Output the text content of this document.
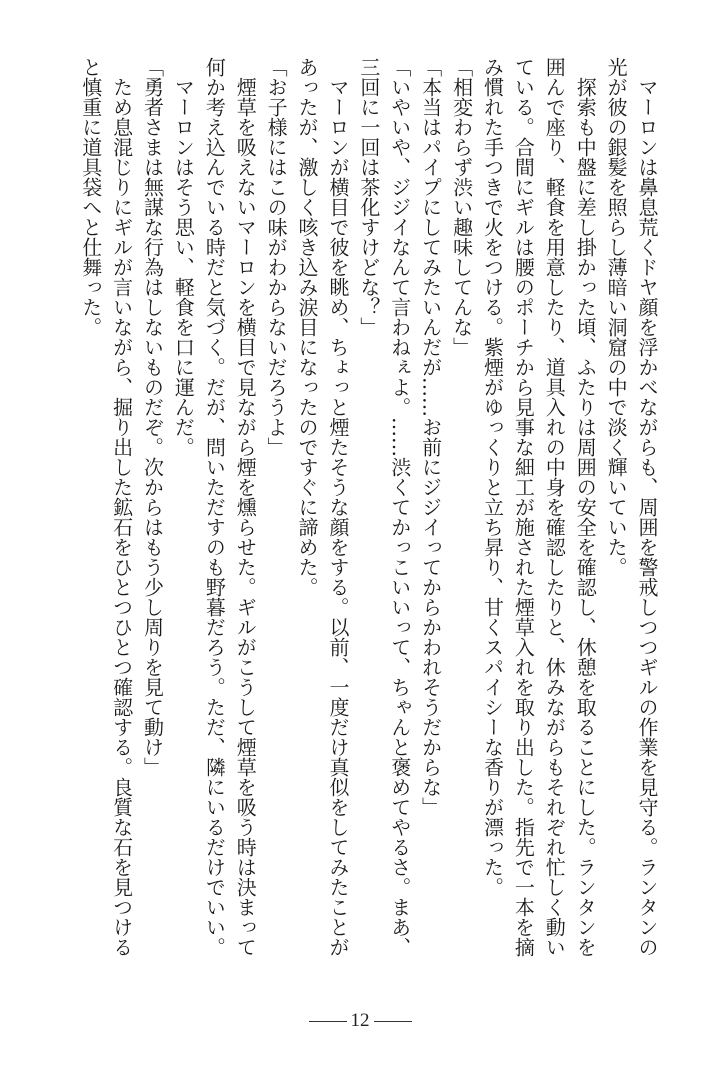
　マーロンは鼻息荒くドヤ顔を浮かべながらも、周囲を警戒しつつギルの作業を見守る。ランタンの
光が彼の銀髪を照らし薄暗い洞窟の中で淡く輝いていた。
　探索も中盤に差し掛かった頃、ふたりは周囲の安全を確認し、休憩を取ることにした。ランタンを
囲んで座り、軽食を用意したり、道具入れの中身を確認したりと、休みながらもそれぞれ忙しく動い
ている。合間にギルは腰のポーチから見事な細工が施された煙草入れを取り出した。指先で一本を摘
み慣れた手つきで火をつける。紫煙がゆっくりと立ち昇り、甘くスパイシーな香りが漂った。
「相変わらず渋い趣味してんな」
「本当はパイプにしてみたいんだが……お前にジジイってからかわれそうだからな」
「いやいや、ジジイなんて言わねぇよ。……渋くてかっこいいって、ちゃんと褒めてやるさ。まあ、
三回に一回は茶化すけどな？」
　マーロンが横目で彼を眺め、ちょっと煙たそうな顔をする。以前、一度だけ真似をしてみたことが
あったが、激しく咳き込み涙目になったのですぐに諦めた。
「お子様にはこの味がわからないだろうよ」
　煙草を吸えないマーロンを横目で見ながら煙を燻らせた。ギルがこうして煙草を吸う時は決まって
何か考え込んでいる時だと気づく。だが、問いただすのも野暮だろう。ただ、隣にいるだけでいい。
　マーロンはそう思い、軽食を口に運んだ。
「勇者さまは無謀な行為はしないものだぞ。次からはもう少し周りを見て動け」
　ため息混じりにギルが言いながら、掘り出した鉱石をひとつひとつ確認する。良質な石を見つける
と慎重に道具袋へと仕舞った。
12
